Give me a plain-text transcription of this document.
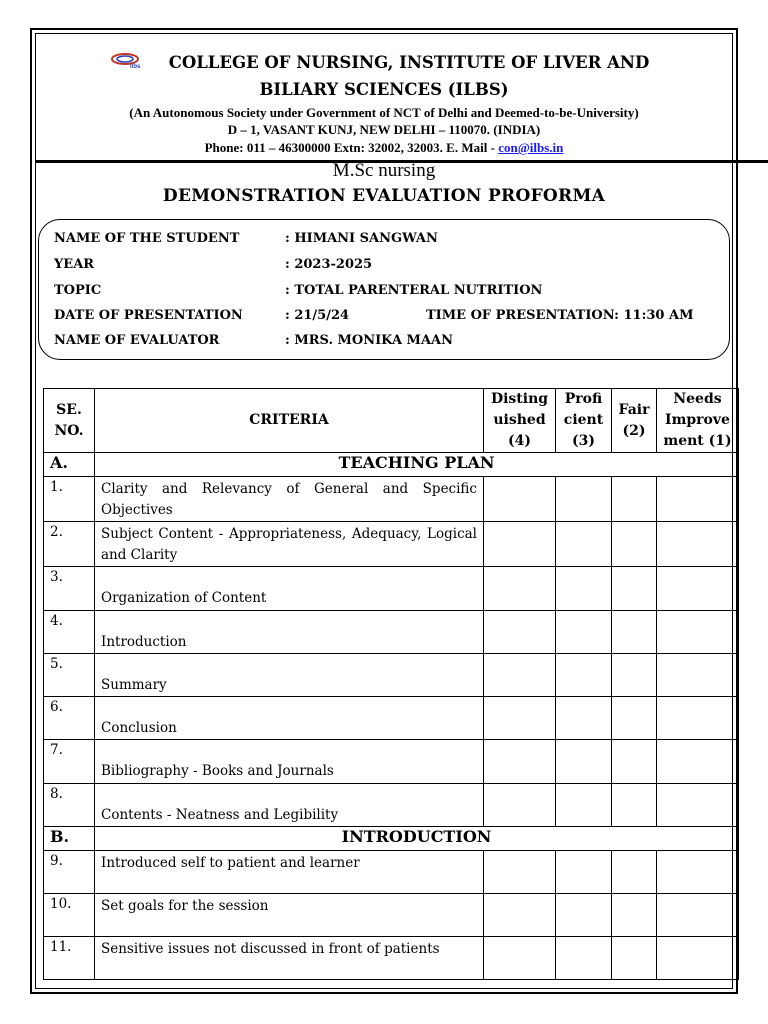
ilbs	COLLEGE OF NURSING, INSTITUTE OF LIVER AND
BILIARY SCIENCES (ILBS)
(An Autonomous Society under Government of NCT of Delhi and Deemed-to-be-University)
D – 1, VASANT KUNJ, NEW DELHI – 110070. (INDIA)
Phone: 011 – 46300000 Extn: 32002, 32003. E. Mail - con@ilbs.in
M.Sc nursing
DEMONSTRATION EVALUATION PROFORMA
NAME OF THE STUDENT	: HIMANI SANGWAN
YEAR	: 2023-2025
TOPIC	: TOTAL PARENTERAL NUTRITION
DATE OF PRESENTATION	: 21/5/24	TIME OF PRESENTATION: 11:30 AM
NAME OF EVALUATOR	: MRS. MONIKA MAAN
SE. NO.	CRITERIA	Disting uished (4)	Profi cient (3)	Fair (2)	Needs Improve ment (1)
A.	TEACHING PLAN				
1.	Clarity and Relevancy of General and Specific Objectives				
2.	Subject Content - Appropriateness, Adequacy, Logical and Clarity				
3.	Organization of Content				
4.	Introduction				
5.	Summary				
6.	Conclusion				
7.	Bibliography - Books and Journals				
8.	Contents - Neatness and Legibility				
B.	INTRODUCTION				
9.	Introduced self to patient and learner				
10.	Set goals for the session				
11.	Sensitive issues not discussed in front of patients				
